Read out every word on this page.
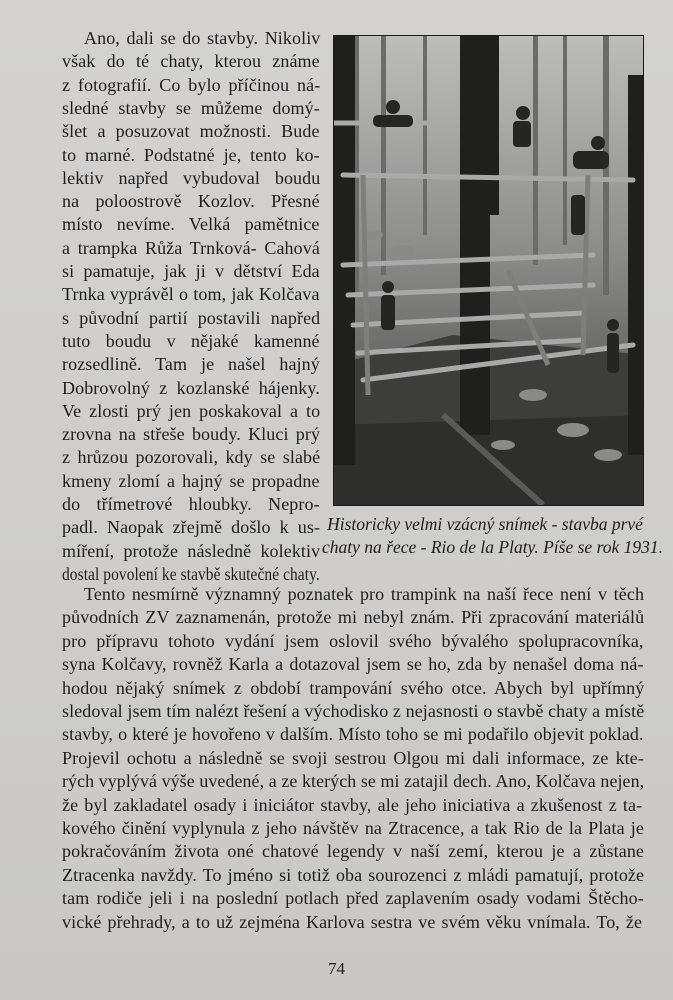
Ano, dali se do stavby. Nikoliv
však do té chaty, kterou známe
z fotografií. Co bylo příčinou ná-
sledné stavby se můžeme domý-
šlet a posuzovat možnosti. Bude
to marné. Podstatné je, tento ko-
lektiv napřed vybudoval boudu
na poloostrově Kozlov. Přesné
místo nevíme. Velká pamětnice
a trampka Růža Trnková- Cahová
si pamatuje, jak ji v dětství Eda
Trnka vyprávěl o tom, jak Kolčava
s původní partií postavili napřed
tuto boudu v nějaké kamenné
rozsedlině. Tam je našel hajný
Dobrovolný z kozlanské hájenky.
Ve zlosti prý jen poskakoval a to
zrovna na střeše boudy. Kluci prý
z hrůzou pozorovali, kdy se slabé
kmeny zlomí a hajný se propadne
do třímetrové hloubky. Nepro-
padl. Naopak zřejmě došlo k us-
míření, protože následně kolektiv
dostal povolení ke stavbě skutečné chaty.
Historicky velmi vzácný snímek - stavba prvé
chaty na řece - Rio de la Platy. Píše se rok 1931.
Tento nesmírně významný poznatek pro trampink na naší řece není v těch
původních ZV zaznamenán, protože mi nebyl znám. Při zpracování materiálů
pro přípravu tohoto vydání jsem oslovil svého bývalého spolupracovníka,
syna Kolčavy, rovněž Karla a dotazoval jsem se ho, zda by nenašel doma ná-
hodou nějaký snímek z období trampování svého otce. Abych byl upřímný
sledoval jsem tím nalézt řešení a východisko z nejasnosti o stavbě chaty a místě
stavby, o které je hovořeno v dalším. Místo toho se mi podařilo objevit poklad.
Projevil ochotu a následně se svoji sestrou Olgou mi dali informace, ze kte-
rých vyplývá výše uvedené, a ze kterých se mi zatajil dech. Ano, Kolčava nejen,
že byl zakladatel osady i iniciátor stavby, ale jeho iniciativa a zkušenost z ta-
kového činění vyplynula z jeho návštěv na Ztracence, a tak Rio de la Plata je
pokračováním života oné chatové legendy v naší zemí, kterou je a zůstane
Ztracenka navždy. To jméno si totiž oba sourozenci z mládi pamatují, protože
tam rodiče jeli i na poslední potlach před zaplavením osady vodami Štěcho-
vické přehrady, a to už zejména Karlova sestra ve svém věku vnímala. To, že
74
